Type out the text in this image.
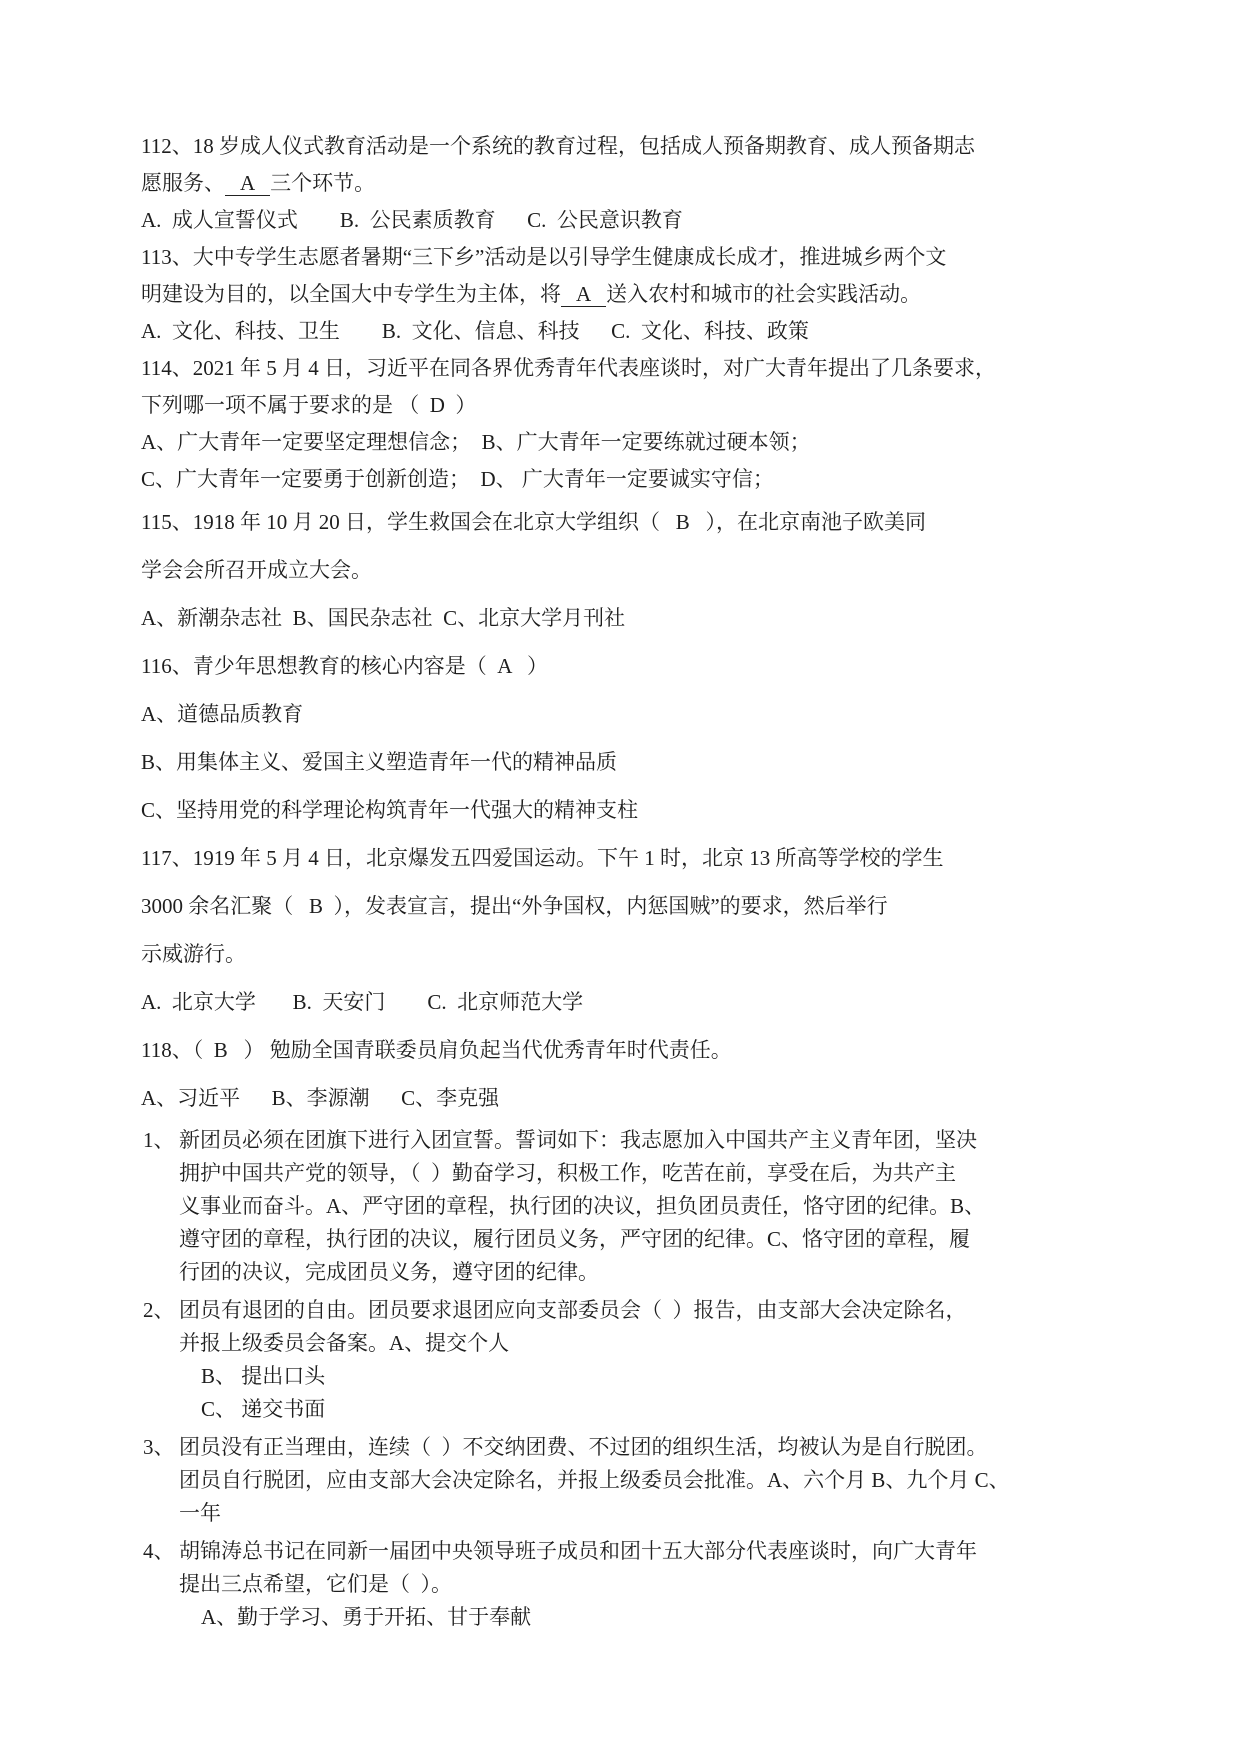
112、18 岁成人仪式教育活动是一个系统的教育过程，包括成人预备期教育、成人预备期志
愿服务、 A 三个环节。
A.  成人宣誓仪式        B.  公民素质教育      C.  公民意识教育
113、大中专学生志愿者暑期“三下乡”活动是以引导学生健康成长成才，推进城乡两个文
明建设为目的，以全国大中专学生为主体，将 A 送入农村和城市的社会实践活动。
A.  文化、科技、卫生        B.  文化、信息、科技      C.  文化、科技、政策
114、2021 年 5 月 4 日，习近平在同各界优秀青年代表座谈时，对广大青年提出了几条要求，
下列哪一项不属于要求的是 （  D  ）
A、广大青年一定要坚定理想信念；  B、广大青年一定要练就过硬本领；
C、广大青年一定要勇于创新创造；  D、 广大青年一定要诚实守信；
115、1918 年 10 月 20 日，学生救国会在北京大学组织（   B   ），在北京南池子欧美同
学会会所召开成立大会。
A、新潮杂志社  B、国民杂志社  C、北京大学月刊社
116、青少年思想教育的核心内容是（  A   ）
A、道德品质教育
B、用集体主义、爱国主义塑造青年一代的精神品质
C、坚持用党的科学理论构筑青年一代强大的精神支柱
117、1919 年 5 月 4 日，北京爆发五四爱国运动。下午 1 时，北京 13 所高等学校的学生
3000 余名汇聚（   B  ），发表宣言，提出“外争国权，内惩国贼”的要求，然后举行
示威游行。
A.  北京大学       B.  天安门        C.  北京师范大学
118、（  B   ） 勉励全国青联委员肩负起当代优秀青年时代责任。
A、习近平      B、李源潮      C、李克强
1、 新团员必须在团旗下进行入团宣誓。誓词如下：我志愿加入中国共产主义青年团，坚决
拥护中国共产党的领导，（  ）勤奋学习，积极工作，吃苦在前，享受在后，为共产主
义事业而奋斗。A、严守团的章程，执行团的决议，担负团员责任，恪守团的纪律。B、
遵守团的章程，执行团的决议，履行团员义务，严守团的纪律。C、恪守团的章程，履
行团的决议，完成团员义务，遵守团的纪律。
2、 团员有退团的自由。团员要求退团应向支部委员会（  ）报告，由支部大会决定除名，
并报上级委员会备案。A、提交个人
B、 提出口头
C、 递交书面
3、 团员没有正当理由，连续（  ）不交纳团费、不过团的组织生活，均被认为是自行脱团。
团员自行脱团，应由支部大会决定除名，并报上级委员会批准。A、六个月 B、九个月 C、
一年
4、 胡锦涛总书记在同新一届团中央领导班子成员和团十五大部分代表座谈时，向广大青年
提出三点希望，它们是（  ）。
A、勤于学习、勇于开拓、甘于奉献
